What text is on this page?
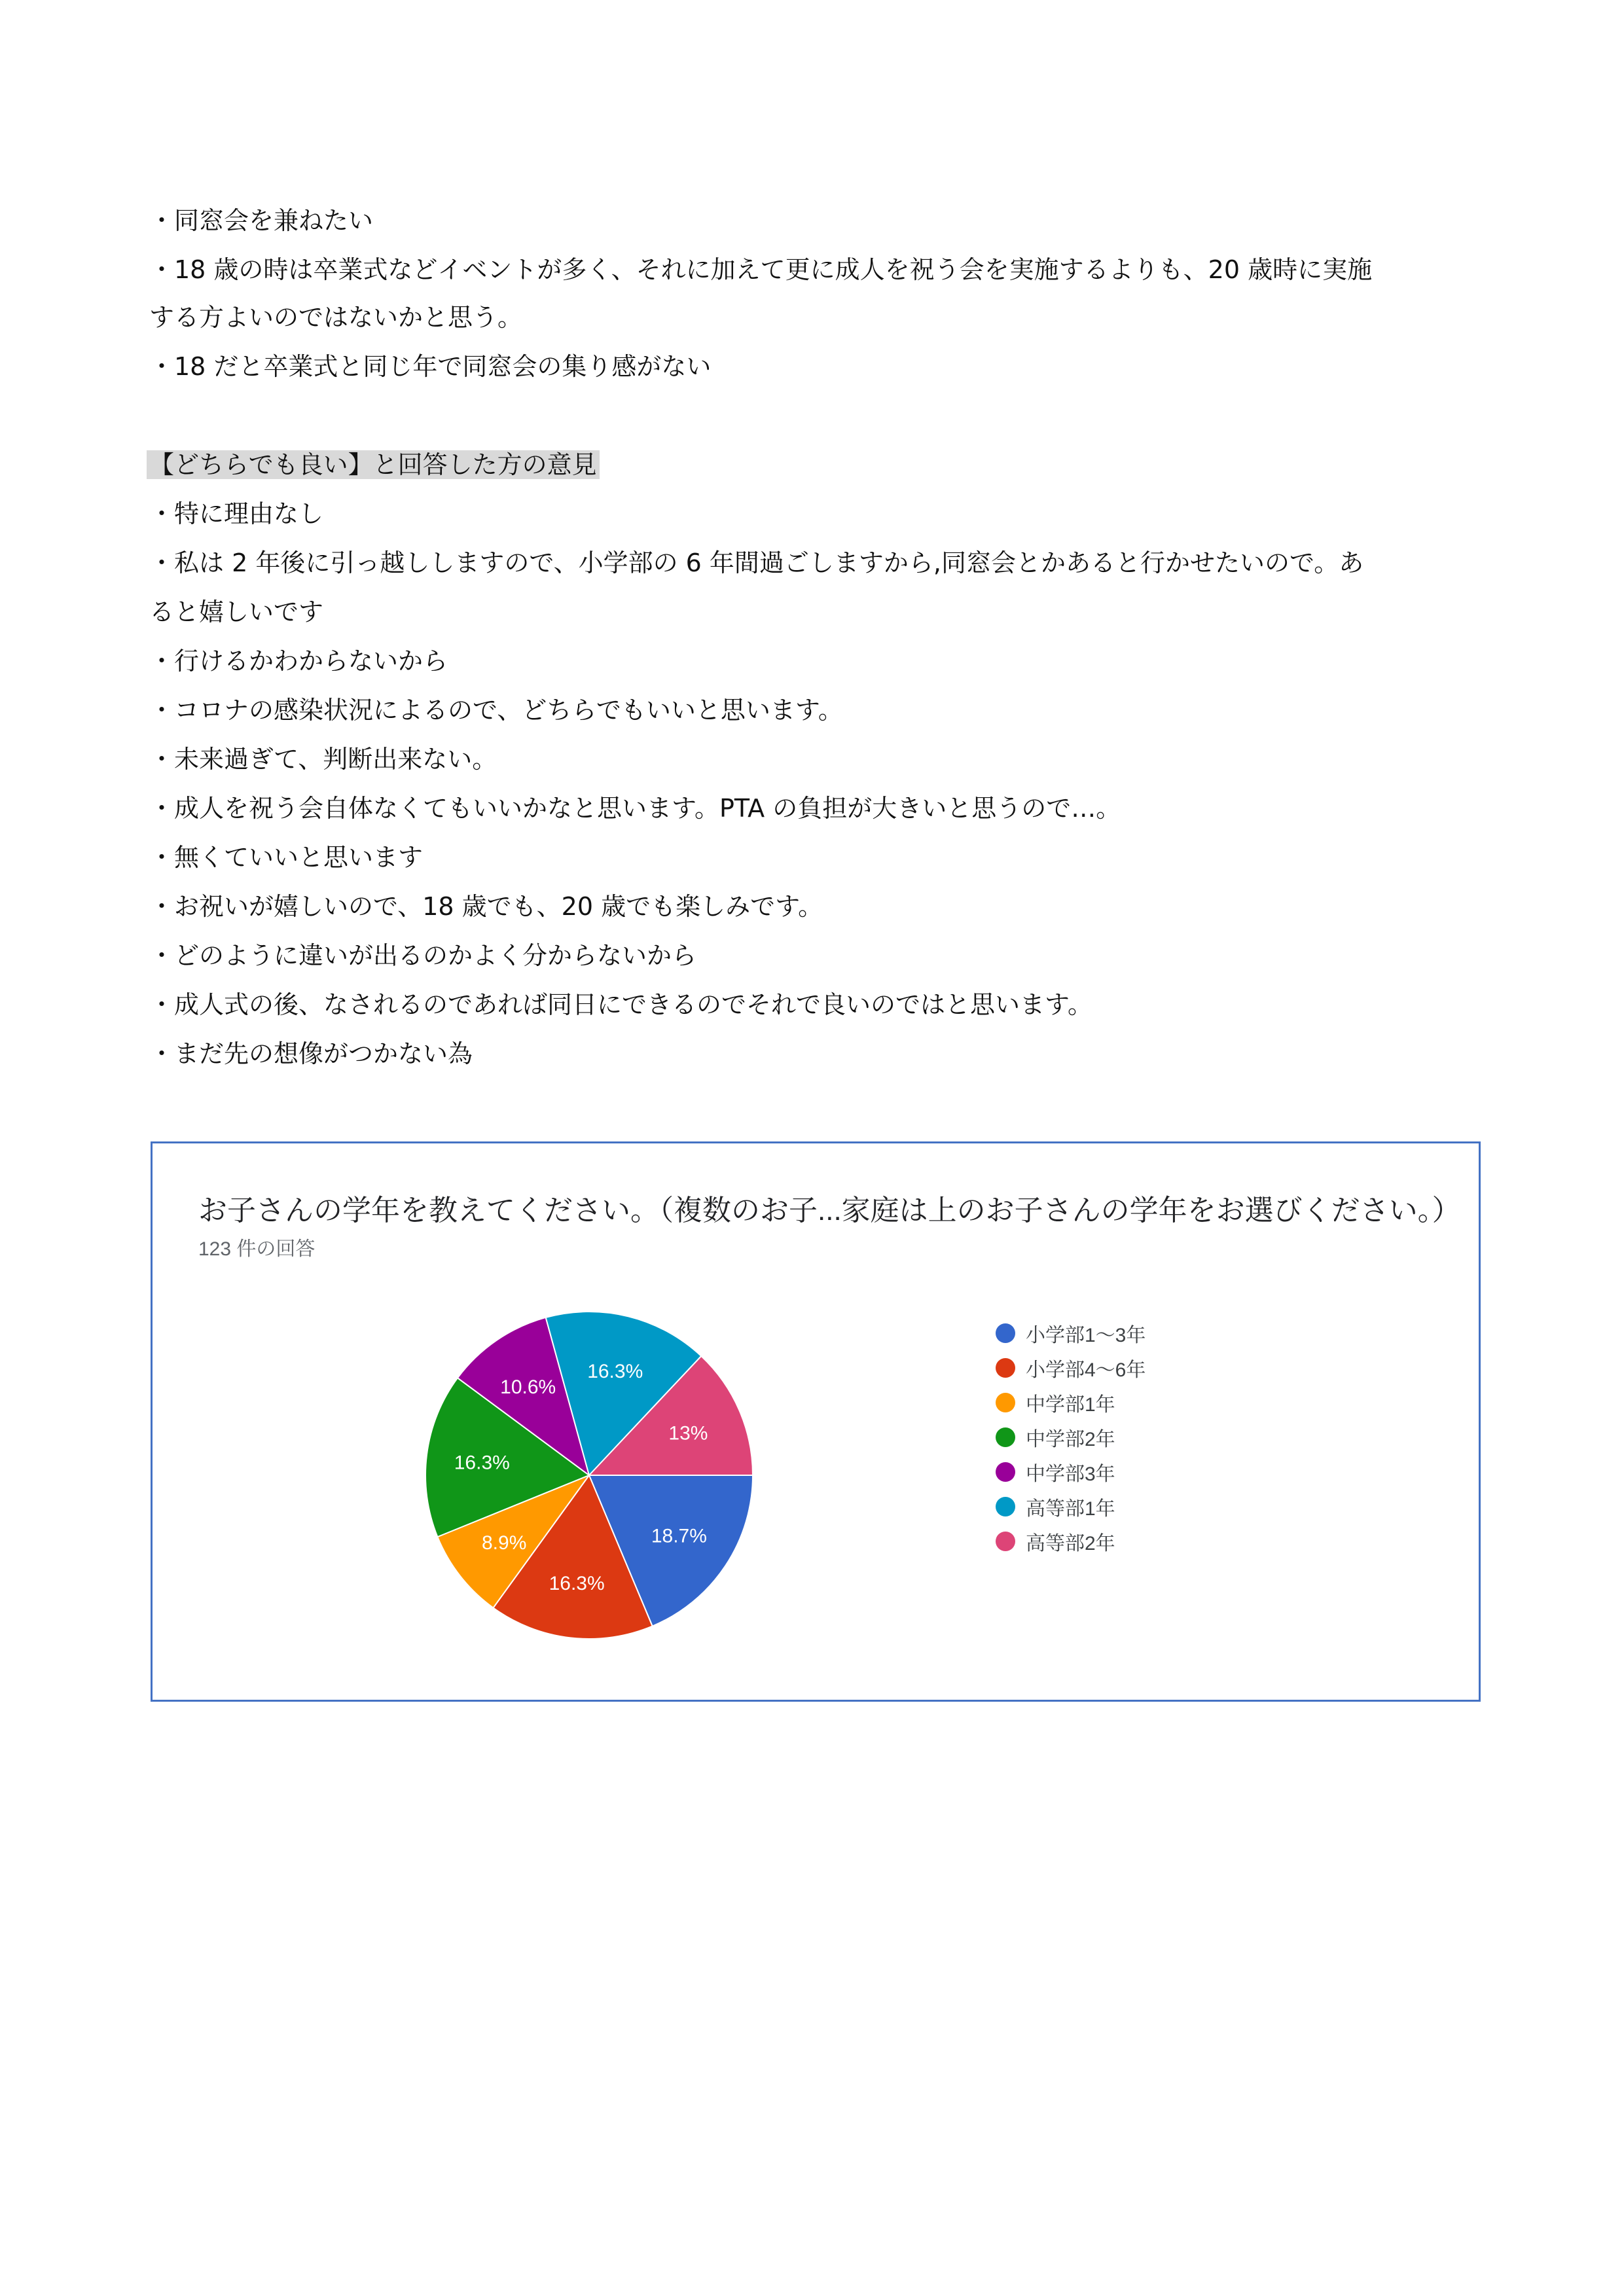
・同窓会を兼ねたい
・18 歳の時は卒業式などイベントが多く、それに加えて更に成人を祝う会を実施するよりも、20 歳時に実施
する方よいのではないかと思う。
・18 だと卒業式と同じ年で同窓会の集り感がない
【どちらでも良い】と回答した方の意見
・特に理由なし
・私は 2 年後に引っ越ししますので、小学部の 6 年間過ごしますから,同窓会とかあると行かせたいので。あ
ると嬉しいです
・行けるかわからないから
・コロナの感染状況によるので、どちらでもいいと思います。
・未来過ぎて、判断出来ない。
・成人を祝う会自体なくてもいいかなと思います。PTA の負担が大きいと思うので…。
・無くていいと思います
・お祝いが嬉しいので、18 歳でも、20 歳でも楽しみです。
・どのように違いが出るのかよく分からないから
・成人式の後、なされるのであれば同日にできるのでそれで良いのではと思います。
・まだ先の想像がつかない為
お子さんの学年を教えてください。（複数のお子...家庭は上のお子さんの学年をお選びください。）
123 件の回答
18.7%
16.3%
8.9%
16.3%
10.6%
16.3%
13%
小学部1～3年
小学部4～6年
中学部1年
中学部2年
中学部3年
高等部1年
高等部2年
